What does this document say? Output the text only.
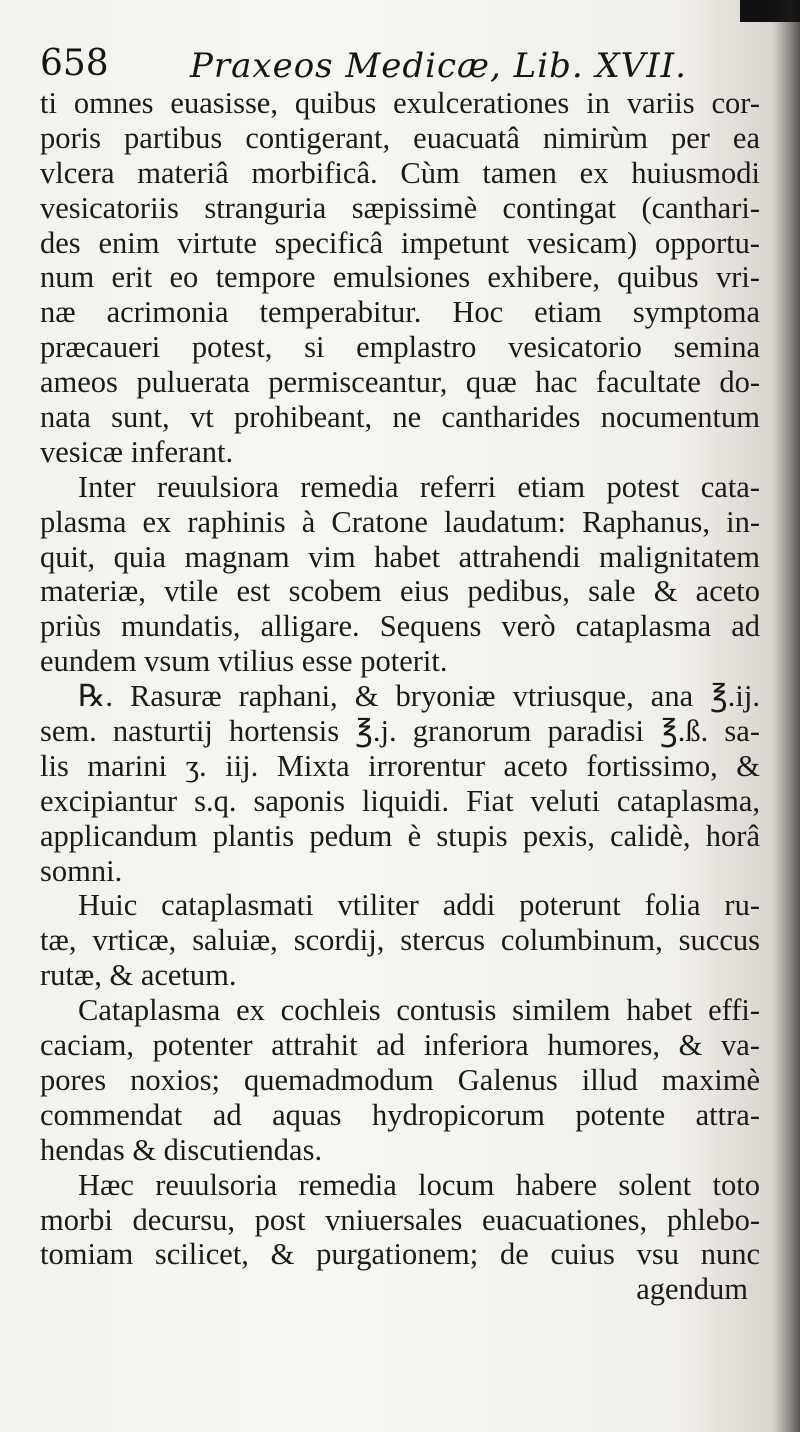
658 Praxeos Medicæ, Lib. XVII.
ti omnes euasisse, quibus exulcerationes in variis cor-
poris partibus contigerant, euacuatâ nimirùm per ea
vlcera materiâ morbificâ. Cùm tamen ex huiusmodi
vesicatoriis stranguria sæpissimè contingat (canthari-
des enim virtute specificâ impetunt vesicam) opportu-
num erit eo tempore emulsiones exhibere, quibus vri-
næ acrimonia temperabitur. Hoc etiam symptoma
præcaueri potest, si emplastro vesicatorio semina
ameos puluerata permisceantur, quæ hac facultate do-
nata sunt, vt prohibeant, ne cantharides nocumentum
vesicæ inferant.
Inter reuulsiora remedia referri etiam potest cata-
plasma ex raphinis à Cratone laudatum: Raphanus, in-
quit, quia magnam vim habet attrahendi malignitatem
materiæ, vtile est scobem eius pedibus, sale & aceto
priùs mundatis, alligare. Sequens verò cataplasma ad
eundem vsum vtilius esse poterit.
℞. Rasuræ raphani, & bryoniæ vtriusque, ana ℥.ij.
sem. nasturtij hortensis ℥.j. granorum paradisi ℥.ß. sa-
lis marini ʒ. iij. Mixta irrorentur aceto fortissimo, &
excipiantur s.q. saponis liquidi. Fiat veluti cataplasma,
applicandum plantis pedum è stupis pexis, calidè, horâ
somni.
Huic cataplasmati vtiliter addi poterunt folia ru-
tæ, vrticæ, saluiæ, scordij, stercus columbinum, succus
rutæ, & acetum.
Cataplasma ex cochleis contusis similem habet effi-
caciam, potenter attrahit ad inferiora humores, & va-
pores noxios; quemadmodum Galenus illud maximè
commendat ad aquas hydropicorum potente attra-
hendas & discutiendas.
Hæc reuulsoria remedia locum habere solent toto
morbi decursu, post vniuersales euacuationes, phlebo-
tomiam scilicet, & purgationem; de cuius vsu nunc
agendum
